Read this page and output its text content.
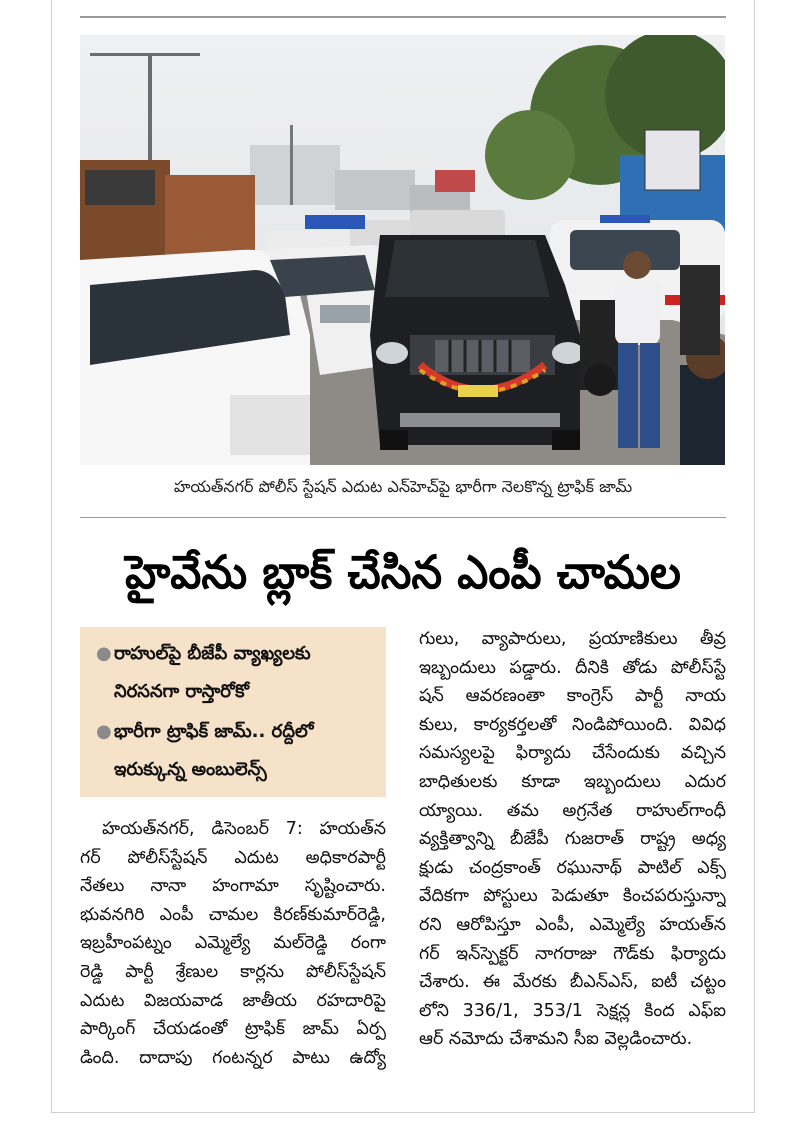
హయత్‌నగర్ పోలీస్ స్టేషన్ ఎదుట ఎన్‌హెచ్‌పై భారీగా నెలకొన్న ట్రాఫిక్ జామ్
హైవేను బ్లాక్ చేసిన ఎంపీ చామల
● రాహుల్‌పై బీజేపీ వ్యాఖ్యలకు
నిరసనగా రాస్తారోకో
● భారీగా ట్రాఫిక్ జామ్.. రద్దీలో
ఇరుక్కున్న అంబులెన్స్
హయత్‌నగర్, డిసెంబర్ 7: హయత్‌న
గర్ పోలీస్‌స్టేషన్ ఎదుట అధికారపార్టీ
నేతలు నానా హంగామా సృష్టించారు.
భువనగిరి ఎంపీ చామల కిరణ్‌కుమార్‌రెడ్డి,
ఇబ్రహీంపట్నం ఎమ్మెల్యే మల్‌రెడ్డి రంగా
రెడ్డి పార్టీ శ్రేణుల కార్లను పోలీస్‌స్టేషన్
ఎదుట విజయవాడ జాతీయ రహదారిపై
పార్కింగ్ చేయడంతో ట్రాఫిక్ జామ్ ఏర్ప
డింది. దాదాపు గంటన్నర పాటు ఉద్యో
గులు, వ్యాపారులు, ప్రయాణికులు తీవ్ర
ఇబ్బందులు పడ్డారు. దీనికి తోడు పోలీస్‌స్టే
షన్ ఆవరణంతా కాంగ్రెస్ పార్టీ నాయ
కులు, కార్యకర్తలతో నిండిపోయింది. వివిధ
సమస్యలపై ఫిర్యాదు చేసేందుకు వచ్చిన
బాధితులకు కూడా ఇబ్బందులు ఎదుర
య్యాయి. తమ అగ్రనేత రాహుల్‌గాంధీ
వ్యక్తిత్వాన్ని బీజేపీ గుజరాత్ రాష్ట్ర అధ్య
క్షుడు చంద్రకాంత్ రఘునాథ్ పాటిల్ ఎక్స్
వేదికగా పోస్టులు పెడుతూ కించపరుస్తున్నా
రని ఆరోపిస్తూ ఎంపీ, ఎమ్మెల్యే హయత్‌న
గర్ ఇన్‌స్పెక్టర్ నాగరాజు గౌడ్‌కు ఫిర్యాదు
చేశారు. ఈ మేరకు బీఎన్ఎస్, ఐటీ చట్టం
లోని 336/1, 353/1 సెక్షన్ల కింద ఎఫ్ఐ
ఆర్ నమోదు చేశామని సీఐ వెల్లడించారు.
